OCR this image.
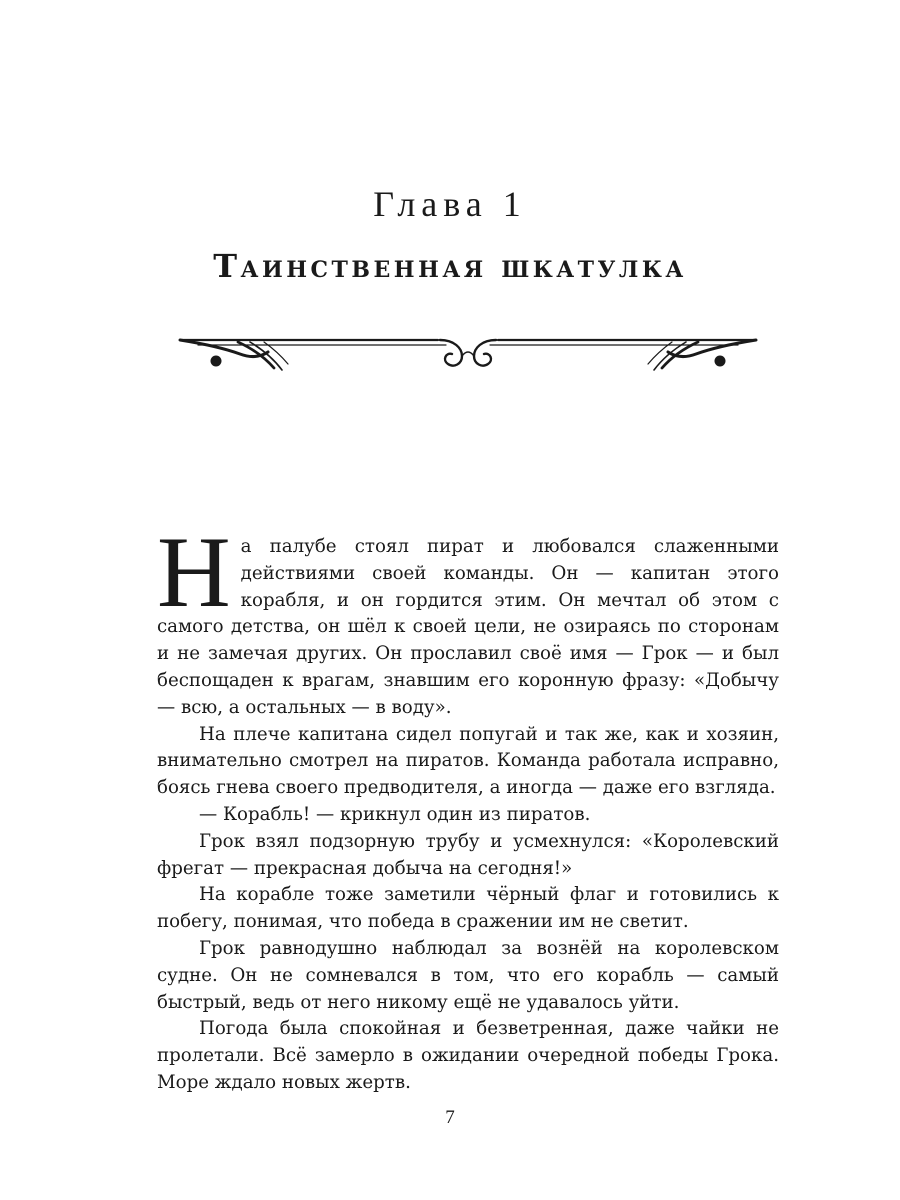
Глава 1
Таинственная шкатулка

На палубе стоял пират и любовался слаженными действиями своей команды. Он — капитан этого корабля, и он гордится этим. Он мечтал об этом с самого детства, он шёл к своей цели, не озираясь по сторонам и не замечая других. Он прославил своё имя — Грок — и был беспощаден к врагам, знавшим его коронную фразу: «Добычу — всю, а остальных — в воду».

На плече капитана сидел попугай и так же, как и хозяин, внимательно смотрел на пиратов. Команда работала исправно, боясь гнева своего предводителя, а иногда — даже его взгляда.

— Корабль! — крикнул один из пиратов.

Грок взял подзорную трубу и усмехнулся: «Королевский фрегат — прекрасная добыча на сегодня!»

На корабле тоже заметили чёрный флаг и готовились к побегу, понимая, что победа в сражении им не светит.

Грок равнодушно наблюдал за вознёй на королевском судне. Он не сомневался в том, что его корабль — самый быстрый, ведь от него никому ещё не удавалось уйти.

Погода была спокойная и безветренная, даже чайки не пролетали. Всё замерло в ожидании очередной победы Грока. Море ждало новых жертв.

7
